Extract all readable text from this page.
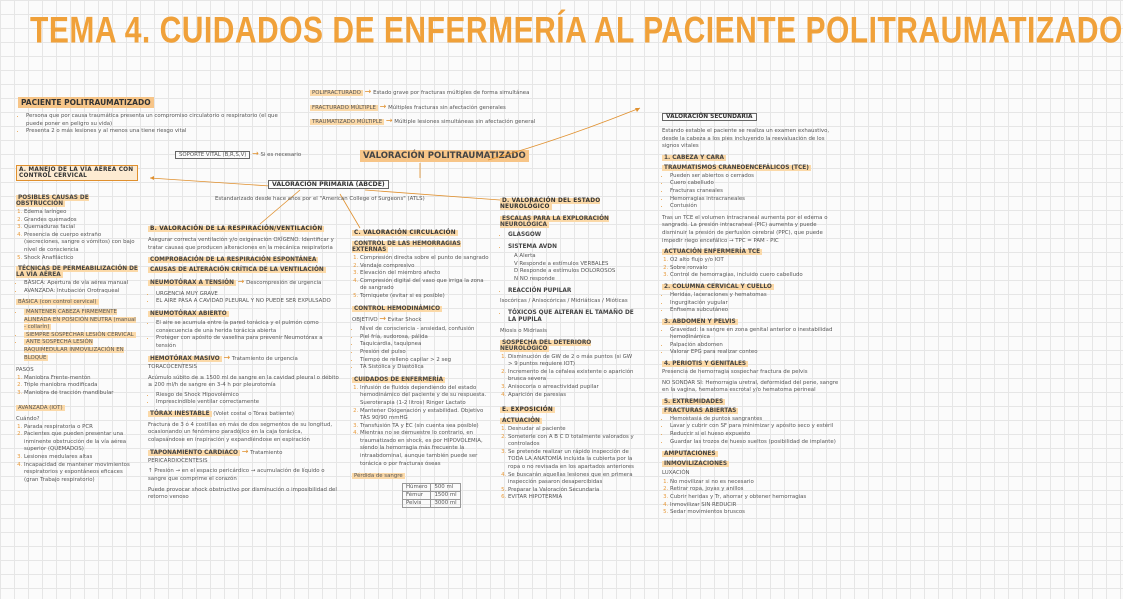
TEMA 4. CUIDADOS DE ENFERMERÍA AL PACIENTE POLITRAUMATIZADO
PACIENTE POLITRAUMATIZADO
• Persona que por causa traumática presenta un compromiso circulatorio o respiratorio (el que puede poner en peligro su vida)
• Presenta 2 o más lesiones y al menos una tiene riesgo vital
POLIFRACTURADO → Estado grave por fracturas múltiples de forma simultánea
FRACTURADO MÚLTIPLE → Múltiples fracturas sin afectación generales
TRAUMATIZADO MÚLTIPLE → Múltiple lesiones simultáneas sin afectación general
SOPORTE VITAL (B,R,S,V) → Si es necesario	VALORACIÓN POLITRAUMATIZADO
VALORACIÓN PRIMARIA (ABCDE)
Estandarizado desde hace años por el "American College of Surgeons" (ATLS)
A. MANEJO DE LA VÍA AÉREA CON CONTROL CERVICAL
POSIBLES CAUSAS DE OBSTRUCCIÓN
1. Edema laríngeo
2. Grandes quemados
3. Quemaduras facial
4. Presencia de cuerpo extraño (secreciones, sangre o vómitos) con bajo nivel de consciencia
5. Shock Anafiláctico
TÉCNICAS DE PERMEABILIZACIÓN DE LA VÍA AÉREA
• BÁSICA: Apertura de vía aérea manual
• AVANZADA: Intubación Orotraqueal
BÁSICA (con control cervical)
• MANTENER CABEZA FIRMEMENTE ALINEADA EN POSICIÓN NEUTRA (manual - collarín)
• SIEMPRE SOSPECHAR LESIÓN CERVICAL
• ANTE SOSPECHA LESIÓN RAQUIMEDULAR INMOVILIZACIÓN EN BLOQUE
PASOS
1. Maniobra Frente-mentón
2. Triple maniobra modificada
3. Maniobra de tracción mandibular
AVANZADA (IOT)
Cuándo?
1. Parada respiratoria o PCR
2. Pacientes que pueden presentar una inminente obstrucción de la vía aérea superior (QUEMADOS)
3. Lesiones medulares altas
4. Incapacidad de mantener movimientos respiratorios y espontáneos eficaces (gran Trabajo respiratorio)
B. VALORACIÓN DE LA RESPIRACIÓN/VENTILACIÓN
Asegurar correcta ventilación y/o oxigenación OXÍGENO. Identificar y tratar causas que producen alteraciones en la mecánica respiratoria
COMPROBACIÓN DE LA RESPIRACIÓN ESPONTÁNEA
CAUSAS DE ALTERACIÓN CRÍTICA DE LA VENTILACIÓN
NEUMOTÓRAX A TENSIÓN → Descompresión de urgencia
• URGENCIA MUY GRAVE
• EL AIRE PASA A CAVIDAD PLEURAL Y NO PUEDE SER EXPULSADO
NEUMOTÓRAX ABIERTO
• El aire se acumula entre la pared torácica y el pulmón como consecuencia de una herida torácica abierta
• Proteger con apósito de vaselina para prevenir Neumotórax a tensión
HEMOTÓRAX MASIVO → Tratamiento de urgencia TORACOCENTESIS
Acúmulo súbito de ≥ 1500 ml de sangre en la cavidad pleural o débito ≥ 200 ml/h de sangre en 3-4 h por pleurotomía
• Riesgo de Shock Hipovolémico
• Imprescindible ventilar correctamente
TÓRAX INESTABLE (Volet costal o Tórax batiente)
Fractura de 3 ó 4 costillas en más de dos segmentos de su longitud, ocasionando un fenómeno paradójico en la caja torácica, colapsándose en inspiración y expandiéndose en espiración
TAPONAMIENTO CARDIACO → Tratamiento PERICARDIOCENTESIS
↑ Presión → en el espacio pericárdico → acumulación de líquido o sangre que comprime el corazón
Puede provocar shock obstructivo por disminución o imposibilidad del retorno venoso
C. VALORACIÓN CIRCULACIÓN
CONTROL DE LAS HEMORRAGIAS EXTERNAS
1. Compresión directa sobre el punto de sangrado
2. Vendaje compresivo
3. Elevación del miembro afecto
4. Compresión digital del vaso que irriga la zona de sangrado
5. Torniquete (evitar si es posible)
CONTROL HEMODINÁMICO
OBJETIVO → Evitar Shock
• Nivel de consciencia - ansiedad, confusión
• Piel fría, sudorosa, pálida
• Taquicardia, taquipnea
• Presión del pulso
• Tiempo de relleno capilar > 2 seg
• TA Sistólica y Diastólica
CUIDADOS DE ENFERMERÍA
1. Infusión de fluidos dependiendo del estado hemodinámico del paciente y de su respuesta. Sueroterapia (1-2 litros) Ringer Lactato
2. Mantener Oxigenación y estabilidad. Objetivo TAS 90/90 mmHG
3. Transfusión TA y EC (sin cuenta sea posible)
4. Mientras no se demuestre lo contrario, en traumatizado en shock, es por HIPOVOLEMIA, siendo la hemorragia más frecuente la intraabdominal, aunque también puede ser torácica o por fracturas óseas
Pérdida de sangre
Húmero	500 ml
Fémur	1500 ml
Pelvis	3000 ml
D. VALORACIÓN DEL ESTADO NEUROLÓGICO
ESCALAS PARA LA EXPLORACIÓN NEUROLÓGICA
• GLASGOW
• SISTEMA AVDN

A Alerta

V Responde a estímulos VERBALES

D Responde a estímulos DOLOROSOS

N NO responde

• REACCIÓN PUPILAR
Isocóricas / Anisocóricas / Midriáticas / Mióticas
• TÓXICOS QUE ALTERAN EL TAMAÑO DE LA PUPILA
Miosis o Midriasis
SOSPECHA DEL DETERIORO NEUROLÓGICO
1. Disminución de GW de 2 o más puntos (si GW > 9 puntos requiere IOT)
2. Incremento de la cefalea existente o aparición brusca severa
3. Anisocoria o arreactividad pupilar
4. Aparición de paresias
E. EXPOSICIÓN
ACTUACIÓN
1. Desnudar al paciente
2. Someterle con A B C D totalmente valorados y controlados
3. Se pretende realizar un rápido inspección de TODA LA ANATOMÍA incluida la cubierta por la ropa o no revisada en los apartados anteriores
4. Se buscarán aquellas lesiones que en primera inspección pasaron desapercibidas
5. Preparar la Valoración Secundaria
6. EVITAR HIPOTERMIA
VALORACIÓN SECUNDARIA
Estando estable el paciente se realiza un examen exhaustivo, desde la cabeza a los pies incluyendo la reevaluación de los signos vitales
1. CABEZA Y CARA
TRAUMATISMOS CRANEOENCEFÁLICOS (TCE)
• Pueden ser abiertos o cerrados
• Cuero cabelludo
• Fracturas craneales
• Hemorragias intracraneales
• Contusión
Tras un TCE el volumen intracraneal aumenta por el edema o sangrado. La presión intracraneal (PIC) aumenta y puede disminuir la presión de perfusión cerebral (PPC), que puede impedir riego encefálico → TPC = PAM - PIC
ACTUACIÓN ENFERMERÍA TCE
1. O2 alto flujo y/o IOT
2. Sobre ronvalo
3. Control de hemorragias, incluido cuero cabelludo
2. COLUMNA CERVICAL Y CUELLO
• Heridas, laceraciones y hematomas
• Ingurgitación yugular
• Enfisema subcutáneo
3. ABDOMEN Y PELVIS
• Gravedad: la sangre en zona genital anterior o inestabilidad hemodinámica
• Palpación abdomen
• Valorar EPG para realizar conteo
4. PERIOTIS Y GENITALES
Presencia de hemorragia sospechar fractura de pelvis
NO SONDAR SI: Hemorragia uretral, deformidad del pene, sangre en la vagina, hematoma escrotal y/o hematoma perineal
5. EXTREMIDADES
FRACTURAS ABIERTAS
• Hemostasia de puntos sangrantes
• Lavar y cubrir con SF para minimizar y apósito seco y estéril
• Reduccir si el hueso expuesto
• Guardar las trozos de hueso sueltos (posibilidad de implante)
AMPUTACIONES
INMOVILIZACIONES
LUXACIÓN
1. No movilizar si no es necesario
2. Retirar ropa, joyas y anillos
3. Cubrir heridas y Tr, ahorrar y obtener hemorragias
4. Inmovilizar SIN REDUCIR
5. Sedar movimientos bruscos
